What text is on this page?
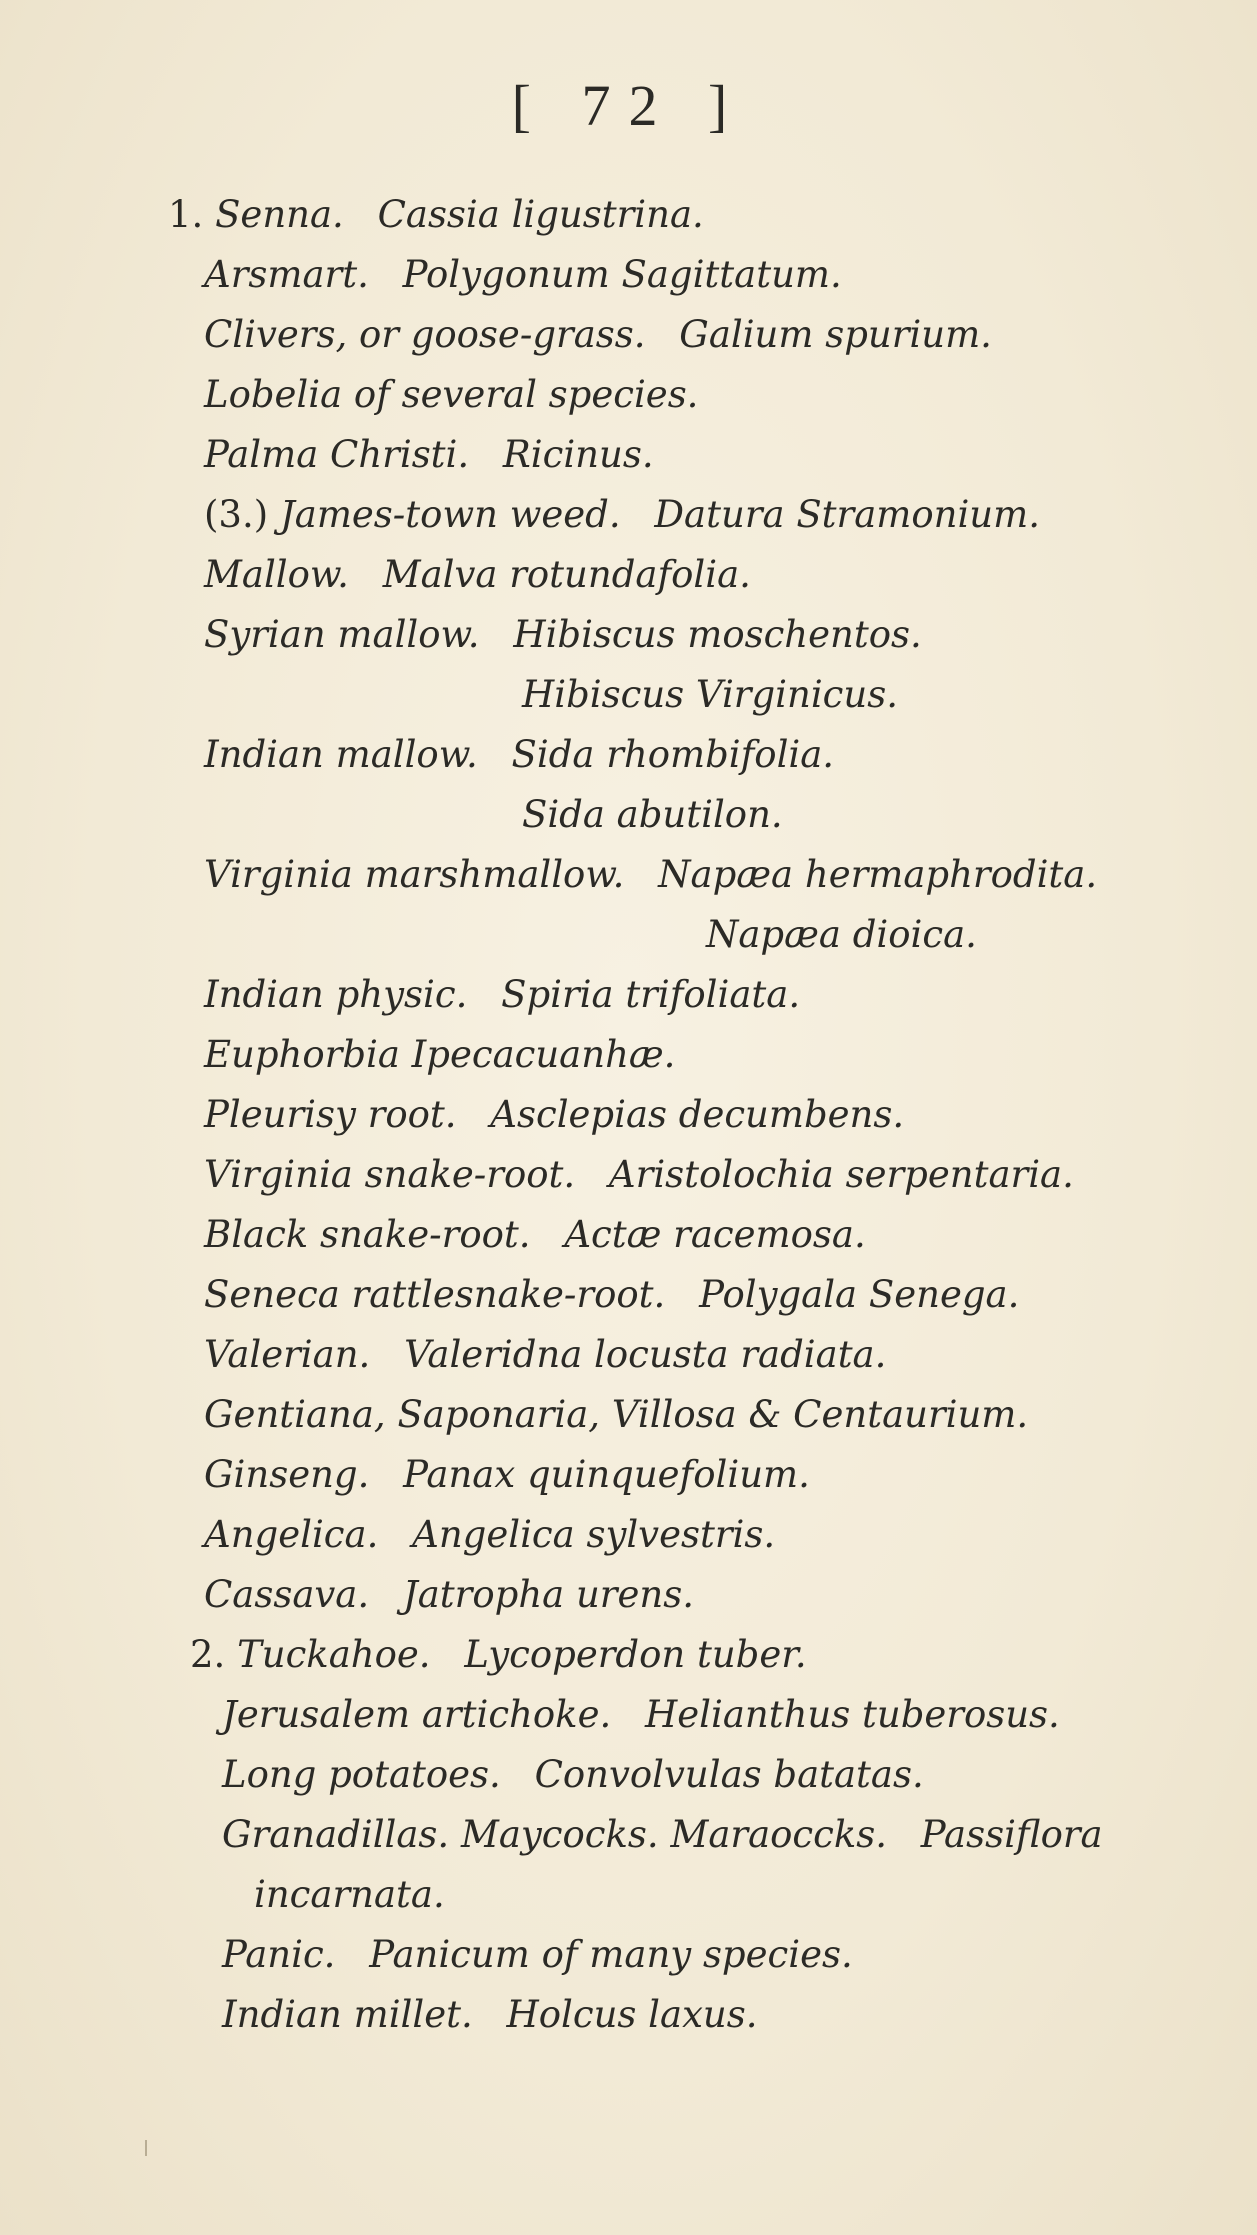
[ 72 ]
1. Senna. Cassia ligustrina.
Arsmart. Polygonum Sagittatum.
Clivers, or goose-grass. Galium spurium.
Lobelia of several species.
Palma Christi. Ricinus.
(3.) James-town weed. Datura Stramonium.
Mallow. Malva rotundafolia.
Syrian mallow. Hibiscus moschentos.
Hibiscus Virginicus.
Indian mallow. Sida rhombifolia.
Sida abutilon.
Virginia marshmallow. Napæa hermaphrodita.
Napæa dioica.
Indian physic. Spiria trifoliata.
Euphorbia Ipecacuanhæ.
Pleurisy root. Asclepias decumbens.
Virginia snake-root. Aristolochia serpentaria.
Black snake-root. Actæ racemosa.
Seneca rattlesnake-root. Polygala Senega.
Valerian. Valeridna locusta radiata.
Gentiana, Saponaria, Villosa & Centaurium.
Ginseng. Panax quinquefolium.
Angelica. Angelica sylvestris.
Cassava. Jatropha urens.
2. Tuckahoe. Lycoperdon tuber.
Jerusalem artichoke. Helianthus tuberosus.
Long potatoes. Convolvulas batatas.
Granadillas. Maycocks. Maraoccks. Passiflora
incarnata.
Panic. Panicum of many species.
Indian millet. Holcus laxus.
